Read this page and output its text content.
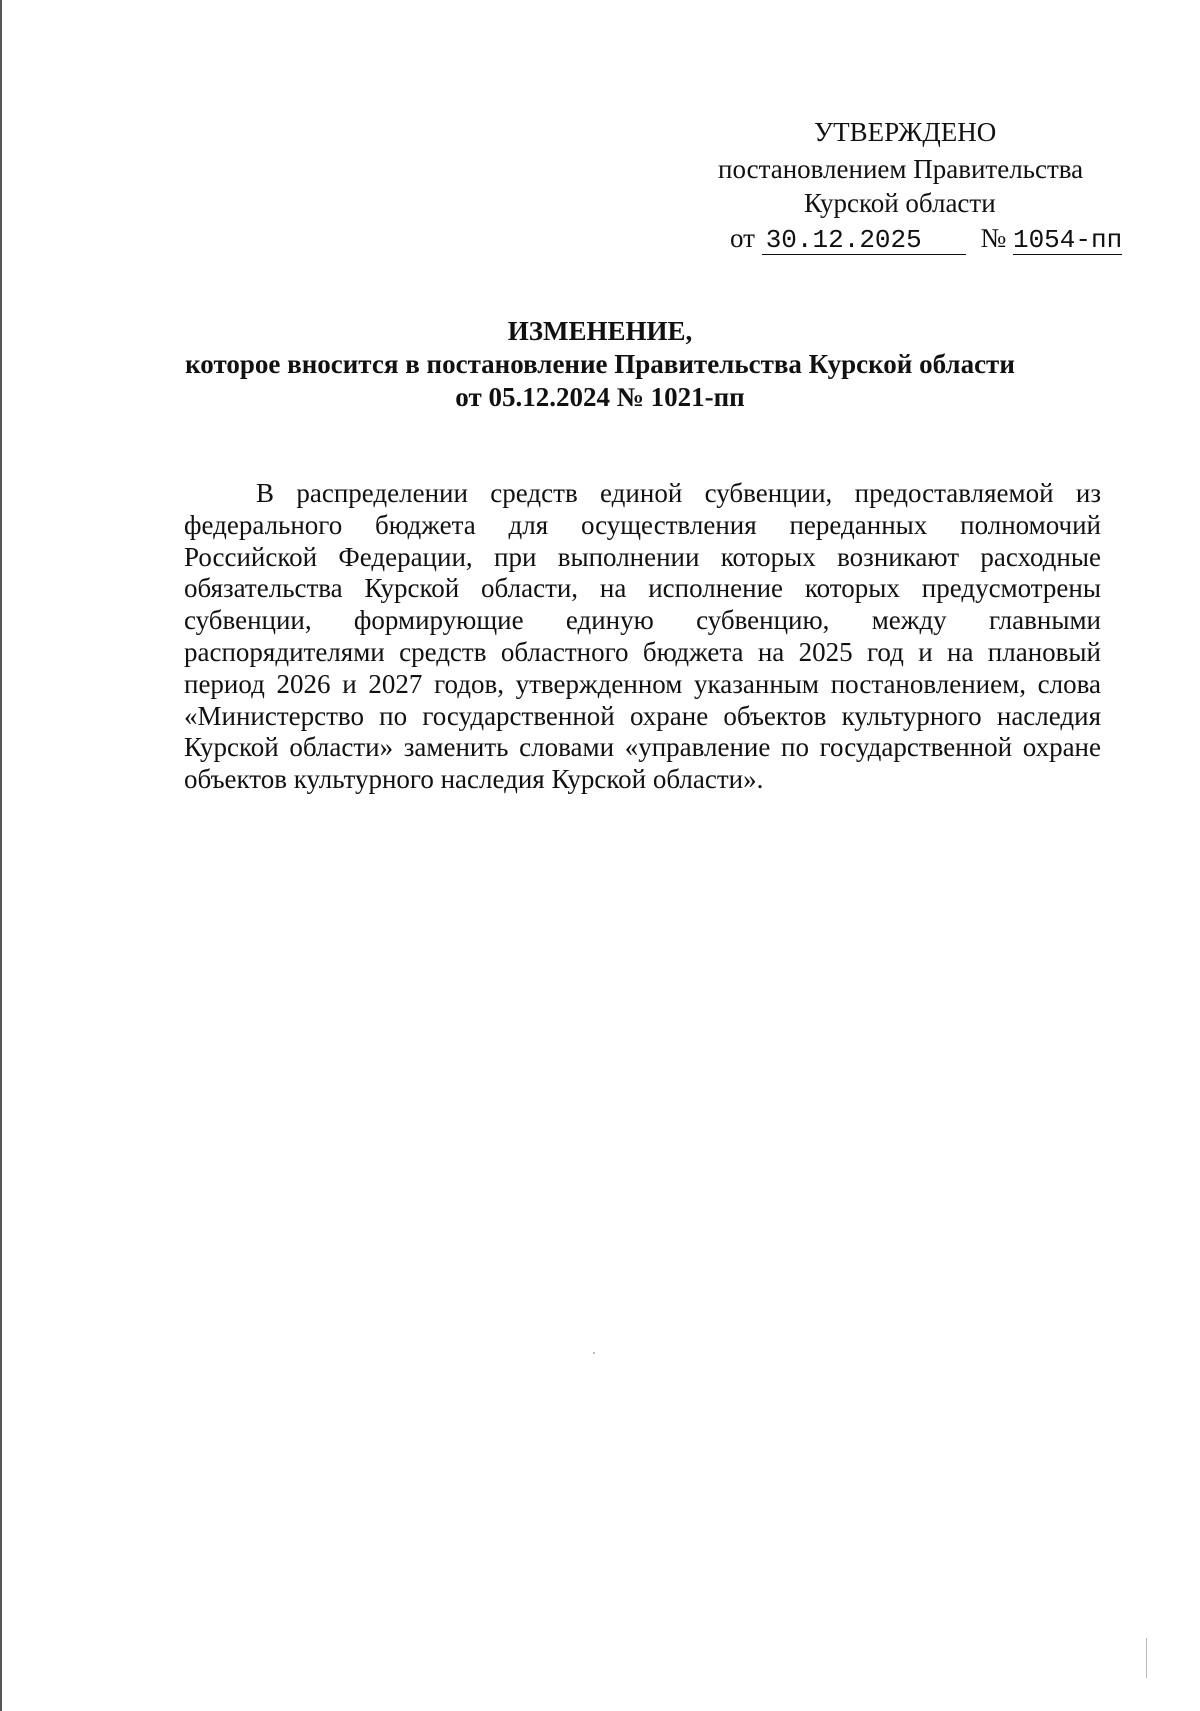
УТВЕРЖДЕНО
постановлением Правительства
Курской области
от 30.12.2025 № 1054-пп
ИЗМЕНЕНИЕ,
которое вносится в постановление Правительства Курской области
от 05.12.2024 № 1021-пп
В распределении средств единой субвенции, предоставляемой из федерального бюджета для осуществления переданных полномочий Российской Федерации, при выполнении которых возникают расходные обязательства Курской области, на исполнение которых предусмотрены субвенции, формирующие единую субвенцию, между главными распорядителями средств областного бюджета на 2025 год и на плановый период 2026 и 2027 годов, утвержденном указанным постановлением, слова «Министерство по государственной охране объектов культурного наследия Курской области» заменить словами «управление по государственной охране объектов культурного наследия Курской области».
